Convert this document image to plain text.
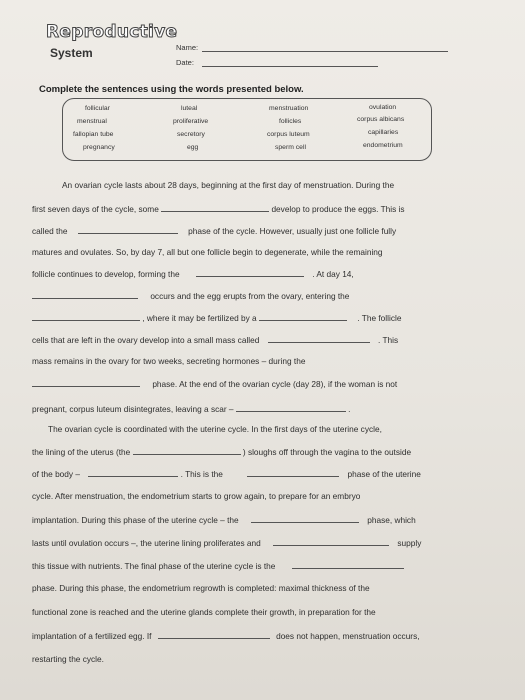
Reproductive
System	Name:
Date:
Complete the sentences using the words presented below.
follicular
menstrual
fallopian tube
pregnancy
luteal
proliferative
secretory
egg
menstruation
follicles
corpus luteum
sperm cell
ovulation
corpus albicans
capillaries
endometrium
An ovarian cycle lasts about 28 days, beginning at the first day of menstruation. During the
first seven days of the cycle, some	develop to produce the eggs. This is
called the	phase of the cycle. However, usually just one follicle fully
matures and ovulates. So, by day 7, all but one follicle begin to degenerate, while the remaining
follicle continues to develop, forming the	. At day 14,
occurs and the egg erupts from the ovary, entering the
, where it may be fertilized by a	. The follicle
cells that are left in the ovary develop into a small mass called	. This
mass remains in the ovary for two weeks, secreting hormones – during the
phase. At the end of the ovarian cycle (day 28), if the woman is not
pregnant, corpus luteum disintegrates, leaving a scar –	.
The ovarian cycle is coordinated with the uterine cycle. In the first days of the uterine cycle,
the lining of the uterus (the	) sloughs off through the vagina to the outside
of the body –	. This is the	phase of the uterine
cycle. After menstruation, the endometrium starts to grow again, to prepare for an embryo
implantation. During this phase of the uterine cycle – the	phase, which
lasts until ovulation occurs –, the uterine lining proliferates and	supply
this tissue with nutrients. The final phase of the uterine cycle is the
phase. During this phase, the endometrium regrowth is completed: maximal thickness of the
functional zone is reached and the uterine glands complete their growth, in preparation for the
implantation of a fertilized egg. If	does not happen, menstruation occurs,
restarting the cycle.
